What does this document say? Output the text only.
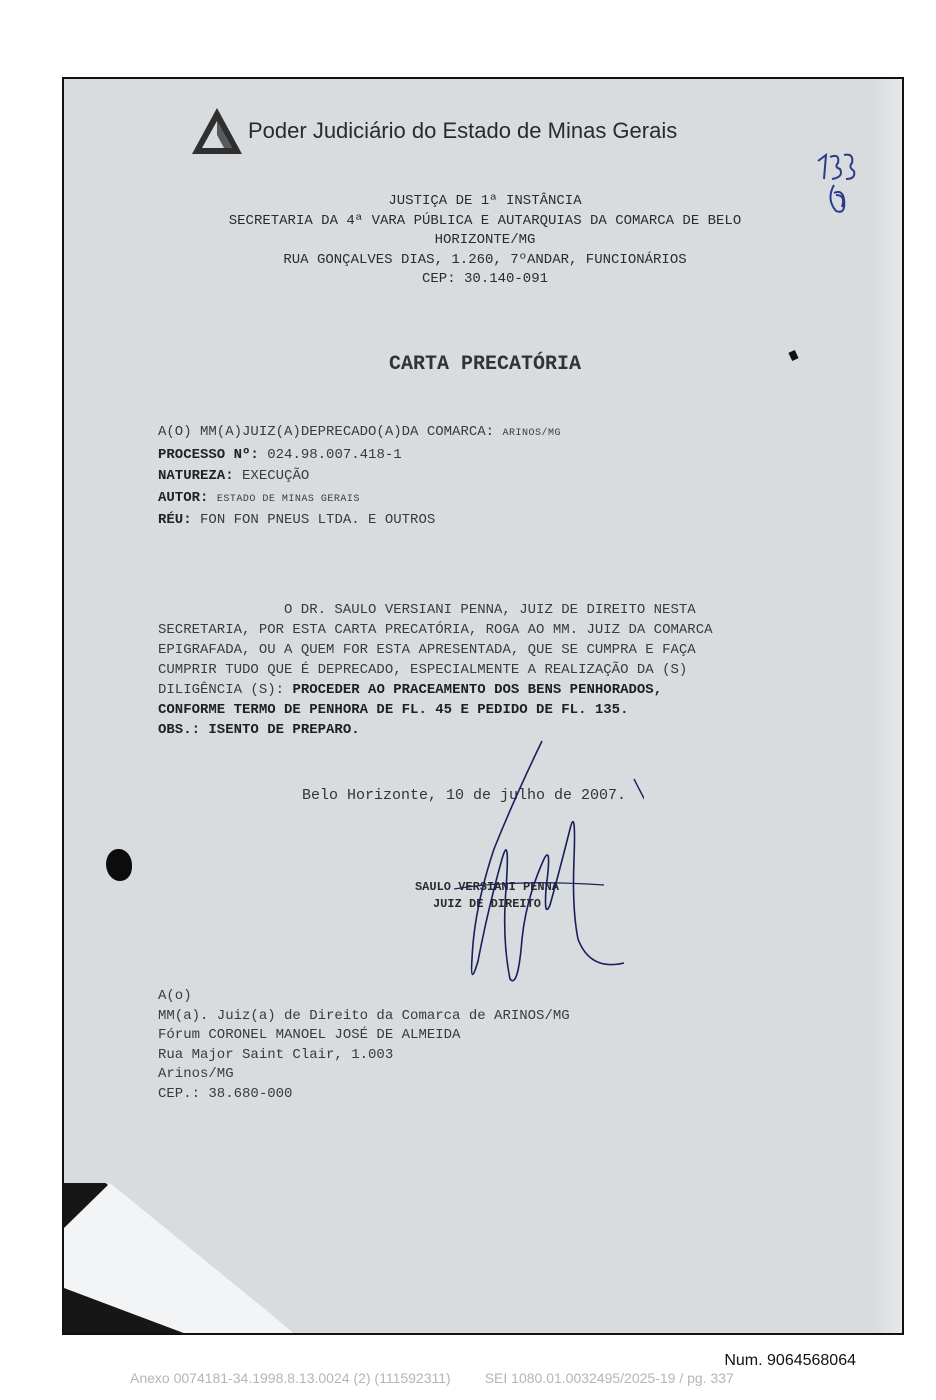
Poder Judiciário do Estado de Minas Gerais
JUSTIÇA DE 1ª INSTÂNCIA
SECRETARIA DA 4ª VARA PÚBLICA E AUTARQUIAS DA COMARCA DE BELO
HORIZONTE/MG
RUA GONÇALVES DIAS, 1.260, 7ºANDAR, FUNCIONÁRIOS
CEP: 30.140-091
CARTA PRECATÓRIA
A(O) MM(A)JUIZ(A)DEPRECADO(A)DA COMARCA: ARINOS/MG
PROCESSO Nº: 024.98.007.418-1
NATUREZA: EXECUÇÃO
AUTOR: ESTADO DE MINAS GERAIS
RÉU: FON FON PNEUS LTDA. E OUTROS
O DR. SAULO VERSIANI PENNA, JUIZ DE DIREITO NESTA
SECRETARIA, POR ESTA CARTA PRECATÓRIA, ROGA AO MM. JUIZ DA COMARCA
EPIGRAFADA, OU A QUEM FOR ESTA APRESENTADA, QUE SE CUMPRA E FAÇA
CUMPRIR TUDO QUE É DEPRECADO, ESPECIALMENTE A REALIZAÇÃO DA (S)
DILIGÊNCIA (S): PROCEDER AO PRACEAMENTO DOS BENS PENHORADOS,
CONFORME TERMO DE PENHORA DE FL. 45 E PEDIDO DE FL. 135.
OBS.: ISENTO DE PREPARO.
Belo Horizonte, 10 de julho de 2007.
SAULO VERSIANI PENNA
JUIZ DE DIREITO
A(o)
MM(a). Juiz(a) de Direito da Comarca de ARINOS/MG
Fórum CORONEL MANOEL JOSÉ DE ALMEIDA
Rua Major Saint Clair, 1.003
Arinos/MG
CEP.: 38.680-000
Num. 9064568064
Anexo 0074181-34.1998.8.13.0024 (2) (111592311) SEI 1080.01.0032495/2025-19 / pg. 337
